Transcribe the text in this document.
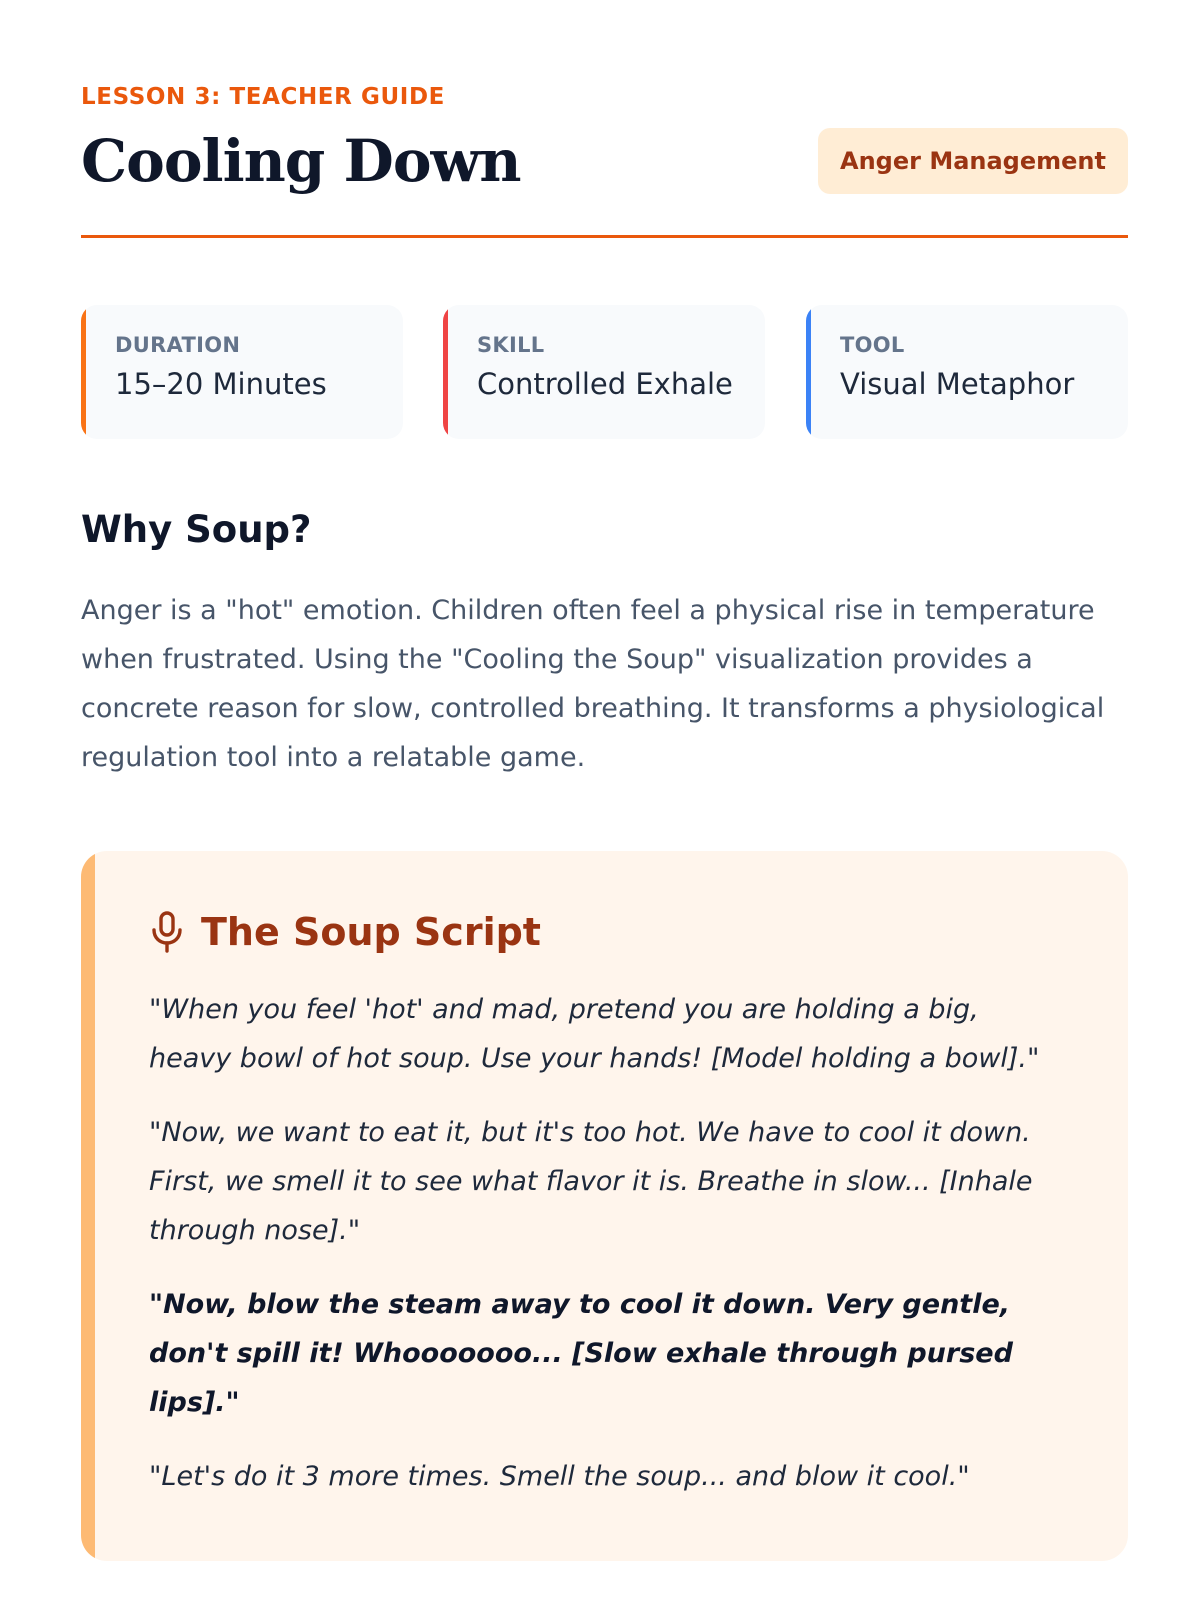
LESSON 3: TEACHER GUIDE
Cooling Down	Anger Management
DURATION
15–20 Minutes
SKILL
Controlled Exhale
TOOL
Visual Metaphor
Why Soup?

Anger is a "hot" emotion. Children often feel a physical rise in temperature when frustrated. Using the "Cooling the Soup" visualization provides a concrete reason for slow, controlled breathing. It transforms a physiological regulation tool into a relatable game.

The Soup Script

"When you feel 'hot' and mad, pretend you are holding a big, heavy bowl of hot soup. Use your hands! [Model holding a bowl]."

"Now, we want to eat it, but it's too hot. We have to cool it down. First, we smell it to see what flavor it is. Breathe in slow... [Inhale through nose]."

"Now, blow the steam away to cool it down. Very gentle, don't spill it! Whooooooo... [Slow exhale through pursed lips]."

"Let's do it 3 more times. Smell the soup... and blow it cool."
